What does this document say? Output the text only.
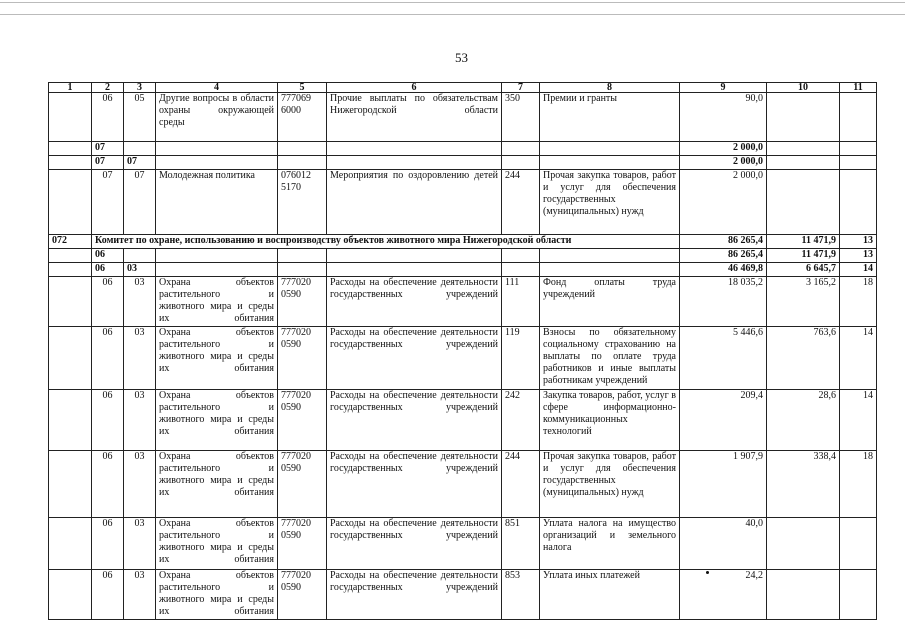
53
1	2	3	4	5	6	7	8	9	10	11
	06	05	Другие вопросы в области охраны окружающей среды	777069 6000	Прочие выплаты по обязательствам Нижегородской области	350	Премии и гранты	90,0		
	07							2 000,0		
	07	07						2 000,0		
	07	07	Молодежная политика	076012 5170	Мероприятия по оздоровлению детей	244	Прочая закупка товаров, работ и услуг для обеспечения государственных (муниципальных) нужд	2 000,0		
072	Комитет по охране, использованию и воспроизводству объектов животного мира Нижегородской области							86 265,4	11 471,9	13
	06							86 265,4	11 471,9	13
	06	03						46 469,8	6 645,7	14
	06	03	Охрана объектов растительного и животного мира и среды их обитания	777020 0590	Расходы на обеспечение деятельности государственных учреждений	111	Фонд оплаты труда учреждений	18 035,2	3 165,2	18
	06	03	Охрана объектов растительного и животного мира и среды их обитания	777020 0590	Расходы на обеспечение деятельности государственных учреждений	119	Взносы по обязательному социальному страхованию на выплаты по оплате труда работников и иные выплаты работникам учреждений	5 446,6	763,6	14
	06	03	Охрана объектов растительного и животного мира и среды их обитания	777020 0590	Расходы на обеспечение деятельности государственных учреждений	242	Закупка товаров, работ, услуг в сфере информационно-коммуникационных технологий	209,4	28,6	14
	06	03	Охрана объектов растительного и животного мира и среды их обитания	777020 0590	Расходы на обеспечение деятельности государственных учреждений	244	Прочая закупка товаров, работ и услуг для обеспечения государственных (муниципальных) нужд	1 907,9	338,4	18
	06	03	Охрана объектов растительного и животного мира и среды их обитания	777020 0590	Расходы на обеспечение деятельности государственных учреждений	851	Уплата налога на имущество организаций и земельного налога	40,0		
	06	03	Охрана объектов растительного и животного мира и среды их обитания	777020 0590	Расходы на обеспечение деятельности государственных учреждений	853	Уплата иных платежей	24,2		
